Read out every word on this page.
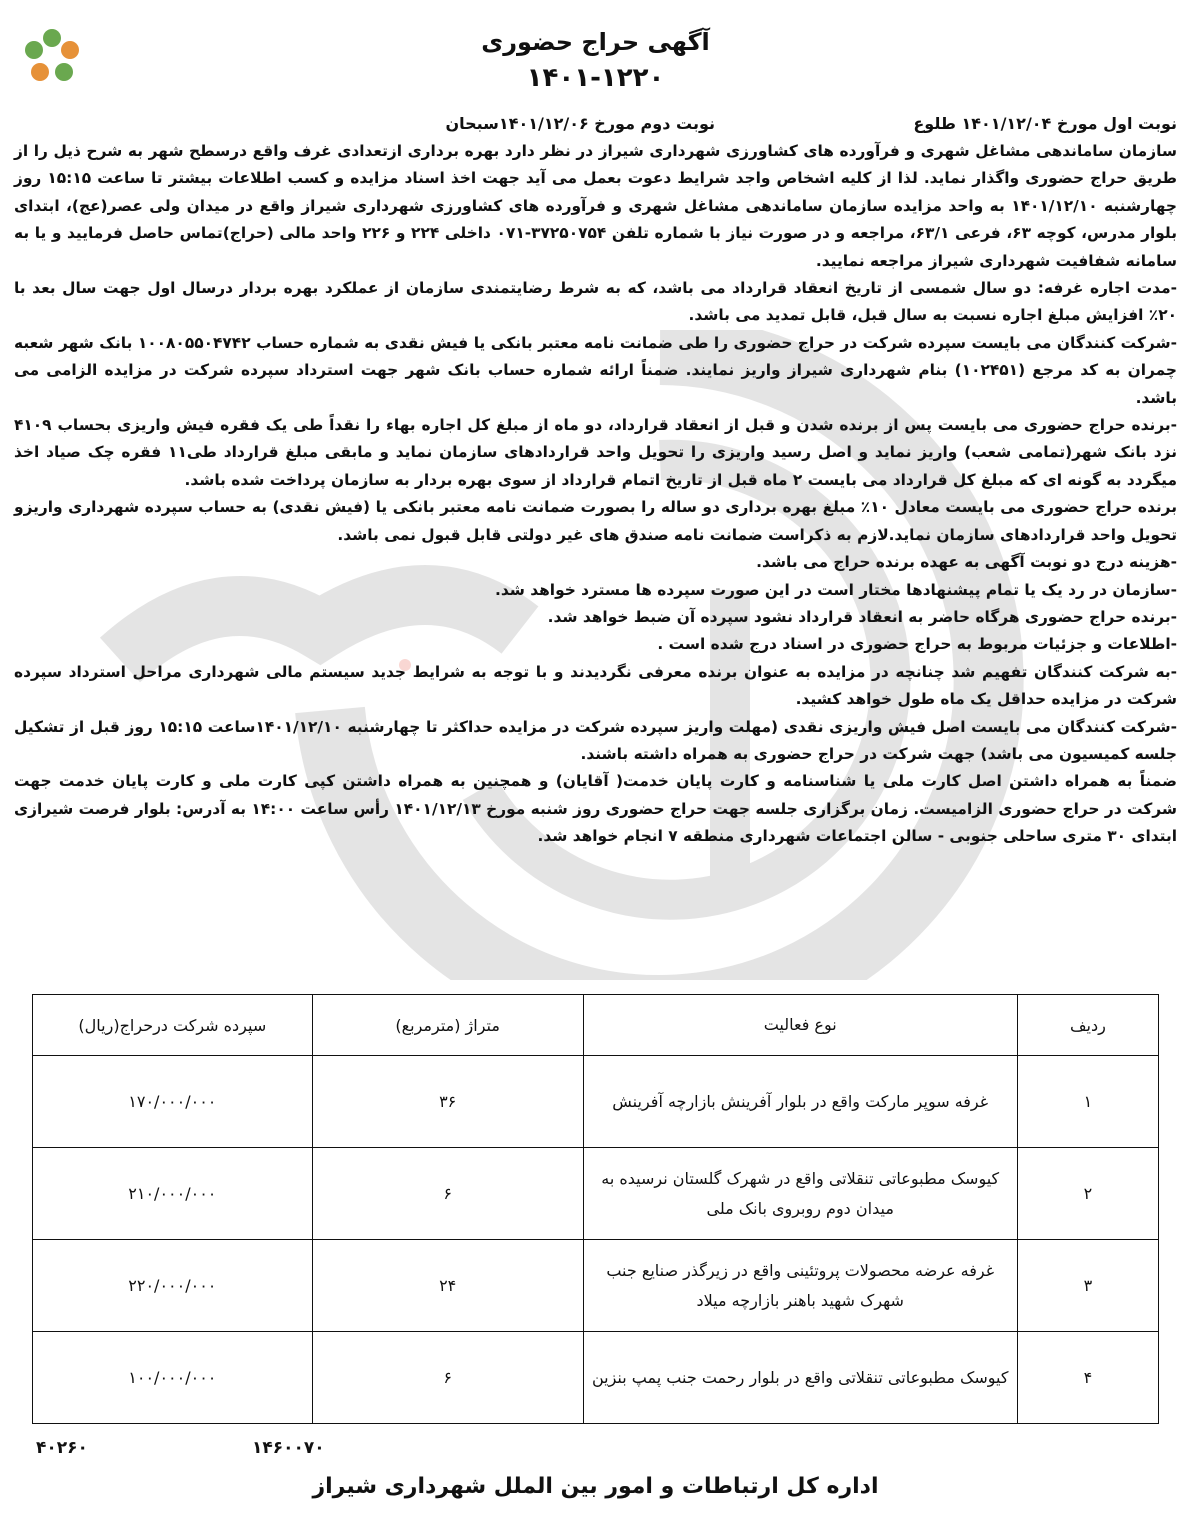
آگهی حراج حضوری
۱۴۰۱-۱۲۲۰
نوبت اول مورخ ۱۴۰۱/۱۲/۰۴ طلوع
نوبت دوم مورخ ۱۴۰۱/۱۲/۰۶سبحان

سازمان ساماندهی مشاغل شهری و فرآورده های کشاورزی شهرداری شیراز در نظر دارد بهره برداری ازتعدادی غرف واقع درسطح شهر به شرح ذیل را از طریق حراج حضوری واگذار نماید. لذا از کلیه اشخاص واجد شرایط دعوت بعمل می آید جهت اخذ اسناد مزایده و کسب اطلاعات بیشتر تا ساعت ۱۵:۱۵ روز چهارشنبه ۱۴۰۱/۱۲/۱۰ به واحد مزایده سازمان ساماندهی مشاغل شهری و فرآورده های کشاورزی شهرداری شیراز واقع در میدان ولی عصر(عج)، ابتدای بلوار مدرس، کوچه ۶۳، فرعی ۶۳/۱، مراجعه و در صورت نیاز با شماره تلفن ۳۷۲۵۰۷۵۴-۰۷۱ داخلی ۲۲۴ و ۲۲۶ واحد مالی (حراج)تماس حاصل فرمایید و یا به سامانه شفافیت شهرداری شیراز مراجعه نمایید.

-مدت اجاره غرفه: دو سال شمسی از تاریخ انعقاد قرارداد می باشد، که به شرط رضایتمندی سازمان از عملکرد بهره بردار درسال اول جهت سال بعد با ۲۰٪ افزایش مبلغ اجاره نسبت به سال قبل، قابل تمدید می باشد.

-شرکت کنندگان می بایست سپرده شرکت در حراج حضوری را طی ضمانت نامه معتبر بانکی یا فیش نقدی به شماره حساب ۱۰۰۸۰۵۵۰۴۷۴۲ بانک شهر شعبه چمران به کد مرجع (۱۰۲۴۵۱) بنام شهرداری شیراز واریز نمایند. ضمناً ارائه شماره حساب بانک شهر جهت استرداد سپرده شرکت در مزایده الزامی می باشد.

-برنده حراج حضوری می بایست پس از برنده شدن و قبل از انعقاد قرارداد، دو ماه از مبلغ کل اجاره بهاء را نقداً طی یک فقره فیش واریزی بحساب ۴۱۰۹ نزد بانک شهر(تمامی شعب) واریز نماید و اصل رسید واریزی را تحویل واحد قراردادهای سازمان نماید و مابقی مبلغ قرارداد طی۱۱ فقره چک صیاد اخذ میگردد به گونه ای که مبلغ کل قرارداد می بایست ۲ ماه قبل از تاریخ اتمام قرارداد از سوی بهره بردار به سازمان پرداخت شده باشد.

برنده حراج حضوری می بایست معادل ۱۰٪ مبلغ بهره برداری دو ساله را بصورت ضمانت نامه معتبر بانکی یا (فیش نقدی) به حساب سپرده شهرداری واریزو تحویل واحد قراردادهای سازمان نماید.لازم به ذکراست ضمانت نامه صندق های غیر دولتی قابل قبول نمی باشد.

-هزینه درج دو نوبت آگهی به عهده برنده حراج می باشد.

-سازمان در رد یک یا تمام پیشنهادها مختار است در این صورت سپرده ها مسترد خواهد شد.

-برنده حراج حضوری هرگاه حاضر به انعقاد قرارداد نشود سپرده آن ضبط خواهد شد.

-اطلاعات و جزئیات مربوط به حراج حضوری در اسناد درج شده است .

-به شرکت کنندگان تفهیم شد چنانچه در مزایده به عنوان برنده معرفی نگردیدند و با توجه به شرایط جدید سیستم مالی شهرداری مراحل استرداد سپرده شرکت در مزایده حداقل یک ماه طول خواهد کشید.

-شرکت کنندگان می بایست اصل فیش واریزی نقدی (مهلت واریز سپرده شرکت در مزایده حداکثر تا چهارشنبه ۱۴۰۱/۱۲/۱۰ساعت ۱۵:۱۵ روز قبل از تشکیل جلسه کمیسیون می باشد) جهت شرکت در حراج حضوری به همراه داشته باشند.

ضمناً به همراه داشتن اصل کارت ملی یا شناسنامه و کارت پایان خدمت( آقایان) و همچنین به همراه داشتن کپی کارت ملی و کارت پایان خدمت جهت شرکت در حراج حضوری الزامیست. زمان برگزاری جلسه جهت حراج حضوری روز شنبه مورخ ۱۴۰۱/۱۲/۱۳ رأس ساعت ۱۴:۰۰ به آدرس: بلوار فرصت شیرازی ابتدای ۳۰ متری ساحلی جنوبی - سالن اجتماعات شهرداری منطقه ۷ انجام خواهد شد.

ردیف	نوع فعالیت	متراژ (مترمربع)	سپرده شرکت درحراج(ریال)
۱	غرفه سوپر مارکت واقع در بلوار آفرینش بازارچه آفرینش	۳۶	۱۷۰/۰۰۰/۰۰۰
۲	کیوسک مطبوعاتی تنقلاتی واقع در شهرک گلستان نرسیده به میدان دوم روبروی بانک ملی	۶	۲۱۰/۰۰۰/۰۰۰
۳	غرفه عرضه محصولات پروتئینی واقع در زیرگذر صنایع جنب شهرک شهید باهنر بازارچه میلاد	۲۴	۲۲۰/۰۰۰/۰۰۰
۴	کیوسک مطبوعاتی تنقلاتی واقع در بلوار رحمت جنب پمپ بنزین	۶	۱۰۰/۰۰۰/۰۰۰
۴۰۲۶۰	۱۴۶۰۰۷۰
اداره کل ارتباطات و امور بین الملل شهرداری شیراز
